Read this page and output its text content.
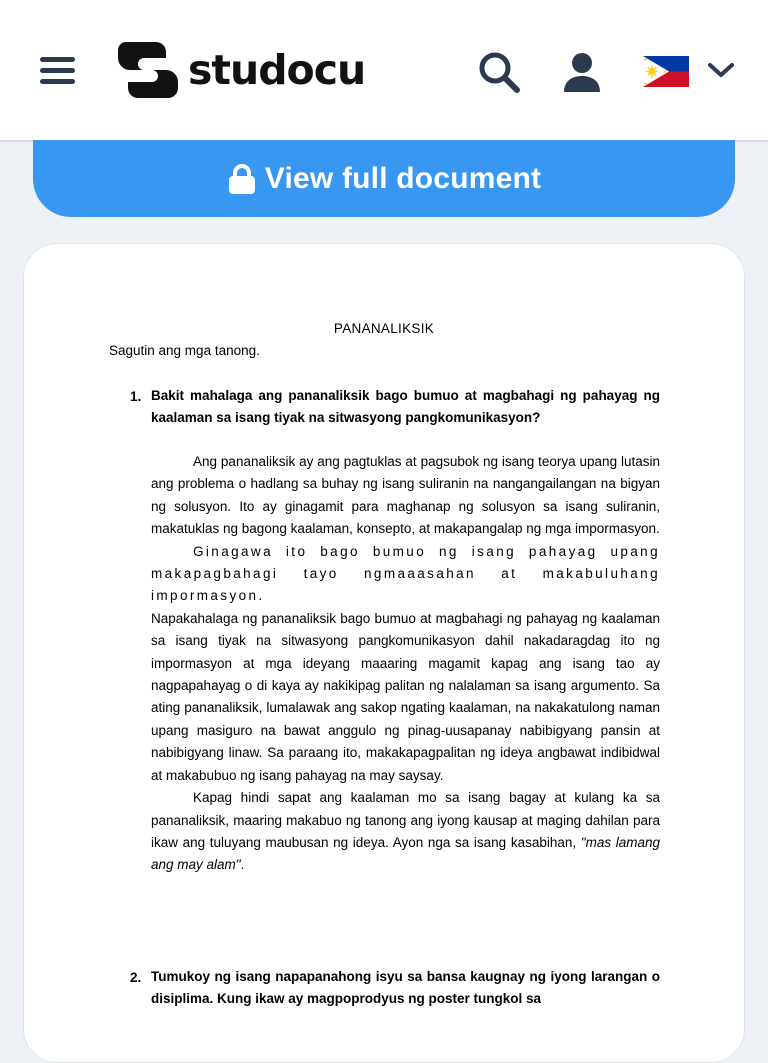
studocu
View full document
PANANALIKSIK
Sagutin ang mga tanong.
1. Bakit mahalaga ang pananaliksik bago bumuo at magbahagi ng pahayag ng kaalaman sa isang tiyak na sitwasyong pangkomunikasyon?

Ang pananaliksik ay ang pagtuklas at pagsubok ng isang teorya upang lutasin ang problema o hadlang sa buhay ng isang suliranin na nangangailangan na bigyan ng solusyon. Ito ay ginagamit para maghanap ng solusyon sa isang suliranin, makatuklas ng bagong kaalaman, konsepto, at makapangalap ng mga impormasyon.

Ginagawa ito bago bumuo ng isang pahayag upang makapagbahagi tayo ngmaaasahan at makabuluhang impormasyon.

Napakahalaga ng pananaliksik bago bumuo at magbahagi ng pahayag ng kaalaman sa isang tiyak na sitwasyong pangkomunikasyon dahil nakadaragdag ito ng impormasyon at mga ideyang maaaring magamit kapag ang isang tao ay nagpapahayag o di kaya ay nakikipag palitan ng nalalaman sa isang argumento. Sa ating pananaliksik, lumalawak ang sakop ngating kaalaman, na nakakatulong naman upang masiguro na bawat anggulo ng pinag-uusapanay nabibigyang pansin at nabibigyang linaw. Sa paraang ito, makakapagpalitan ng ideya angbawat indibidwal at makabubuo ng isang pahayag na may saysay.

Kapag hindi sapat ang kaalaman mo sa isang bagay at kulang ka sa pananaliksik, maaring makabuo ng tanong ang iyong kausap at maging dahilan para ikaw ang tuluyang maubusan ng ideya. Ayon nga sa isang kasabihan, "mas lamang ang may alam".

2. Tumukoy ng isang napapanahong isyu sa bansa kaugnay ng iyong larangan o disiplima. Kung ikaw ay magpoprodyus ng poster tungkol sa
